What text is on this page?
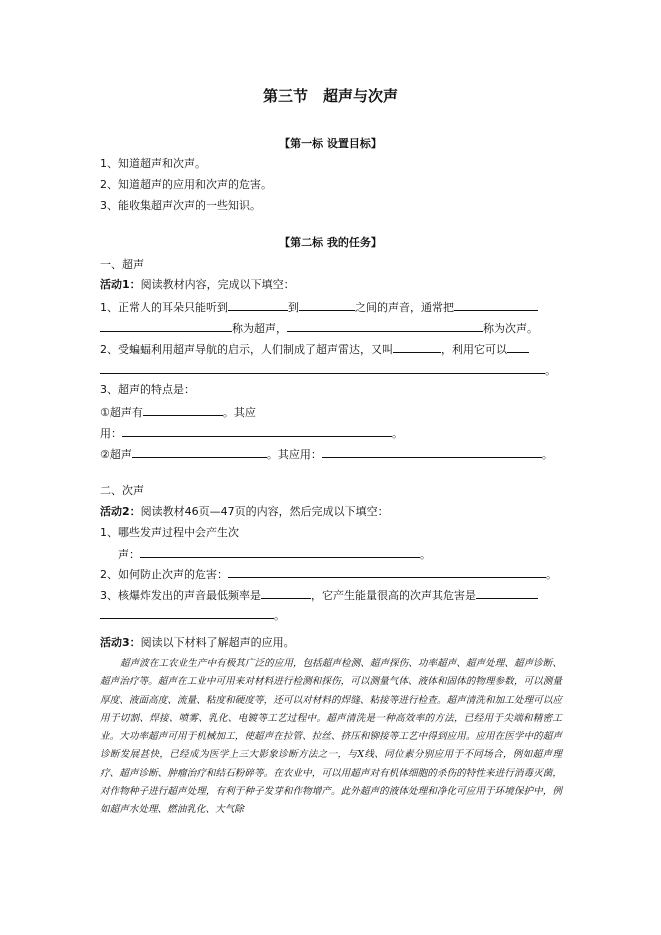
第三节　超声与次声
【第一标 设置目标】
1、知道超声和次声。
2、知道超声的应用和次声的危害。
3、能收集超声次声的一些知识。
【第二标 我的任务】
一、超声
活动1：阅读教材内容，完成以下填空：
1、正常人的耳朵只能听到	到	之间的声音，通常把
称为超声，	称为次声。
2、受蝙蝠利用超声导航的启示，人们制成了超声雷达，又叫	，利用它可以
。
3、超声的特点是：
①超声有	。其应
用：	。
②超声	。其应用：	。
二、次声
活动2：阅读教材46页—47页的内容，然后完成以下填空：
1、哪些发声过程中会产生次
声：	。
2、如何防止次声的危害：	。
3、核爆炸发出的声音最低频率是	，它产生能量很高的次声其危害是
。
活动3：阅读以下材料了解超声的应用。

超声波在工农业生产中有极其广泛的应用，包括超声检测、超声探伤、功率超声、超声处理、超声诊断、超声治疗等。超声在工业中可用来对材料进行检测和探伤，可以测量气体、液体和固体的物理参数，可以测量厚度、液面高度、流量、粘度和硬度等，还可以对材料的焊缝、粘接等进行检查。超声清洗和加工处理可以应用于切割、焊接、喷雾、乳化、电镀等工艺过程中。超声清洗是一种高效率的方法，已经用于尖端和精密工业。大功率超声可用于机械加工，使超声在拉管、拉丝、挤压和铆接等工艺中得到应用。应用在医学中的超声诊断发展甚快，已经成为医学上三大影象诊断方法之一，与X线、同位素分别应用于不同场合，例如超声理疗、超声诊断、肿瘤治疗和结石粉碎等。在农业中，可以用超声对有机体细胞的杀伤的特性来进行消毒灭菌，对作物种子进行超声处理，有利于种子发芽和作物增产。此外超声的液体处理和净化可应用于环境保护中，例如超声水处理、燃油乳化、大气除
